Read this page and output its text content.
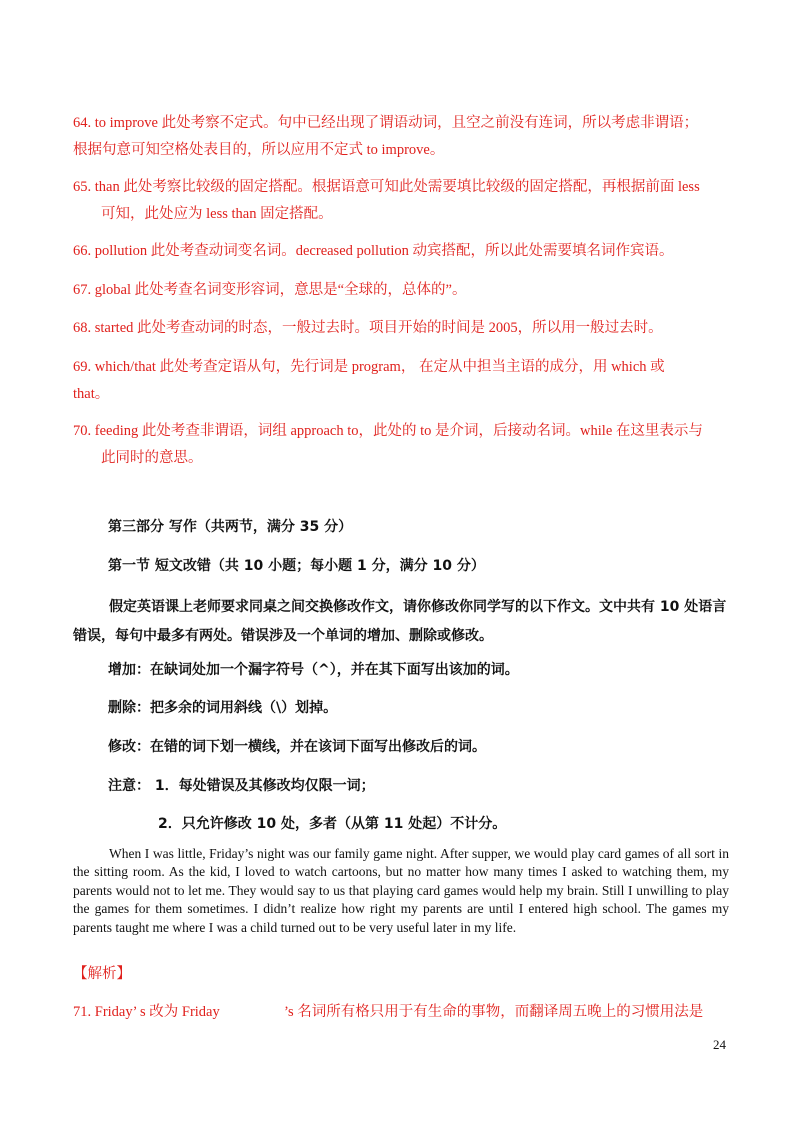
64. to improve 此处考察不定式。句中已经出现了谓语动词，且空之前没有连词，所以考虑非谓语；
根据句意可知空格处表目的，所以应用不定式 to improve。
65. than 此处考察比较级的固定搭配。根据语意可知此处需要填比较级的固定搭配，再根据前面 less
可知，此处应为 less than 固定搭配。
66. pollution 此处考查动词变名词。decreased pollution 动宾搭配，所以此处需要填名词作宾语。
67. global 此处考查名词变形容词，意思是“全球的，总体的”。
68. started 此处考查动词的时态，一般过去时。项目开始的时间是 2005，所以用一般过去时。
69. which/that 此处考查定语从句，先行词是 program， 在定从中担当主语的成分，用 which 或
that。
70. feeding 此处考查非谓语，词组 approach to，此处的 to 是介词，后接动名词。while 在这里表示与
此同时的意思。
第三部分 写作（共两节，满分 35 分）
第一节 短文改错（共 10 小题；每小题 1 分，满分 10 分）
假定英语课上老师要求同桌之间交换修改作文，请你修改你同学写的以下作文。文中共有 10 处语言错误，每句中最多有两处。错误涉及一个单词的增加、删除或修改。
增加：在缺词处加一个漏字符号（^），并在其下面写出该加的词。
删除：把多余的词用斜线（\）划掉。
修改：在错的词下划一横线，并在该词下面写出修改后的词。
注意： 1．每处错误及其修改均仅限一词；
2．只允许修改 10 处，多者（从第 11 处起）不计分。
When I was little, Friday’s night was our family game night. After supper, we would play card games of all sort in the sitting room. As the kid, I loved to watch cartoons, but no matter how many times I asked to watching them, my parents would not to let me. They would say to us that playing card games would help my brain. Still I unwilling to play the games for them sometimes. I didn’t realize how right my parents are until I entered high school. The games my parents taught me where I was a child turned out to be very useful later in my life.
【解析】
71. Friday’ s 改为 Friday	’s 名词所有格只用于有生命的事物，而翻译周五晚上的习惯用法是
24
